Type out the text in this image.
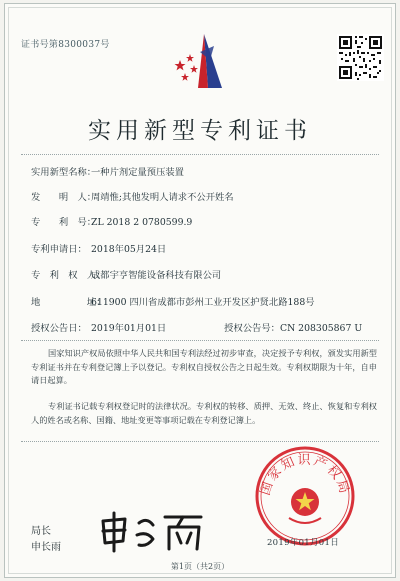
证书号第8300037号
实用新型专利证书
实用新型名称：一种片剂定量预压装置
发　　明　人：周靖惟;其他发明人请求不公开姓名
专　　利　号：ZL 2018 2 0780599.9
专利申请日： 2018年05月24日
专　利　权　人：成都宇亨智能设备科技有限公司
地　　　　　址：611900 四川省成都市彭州工业开发区护贤北路188号
授权公告日： 2019年01月01日	授权公告号：CN 208305867 U
国家知识产权局依照中华人民共和国专利法经过初步审查，决定授予专利权，颁发实用新型专利证书并在专利登记簿上予以登记。专利权自授权公告之日起生效。专利权期限为十年，自申请日起算。
专利证书记载专利权登记时的法律状况。专利权的转移、质押、无效、终止、恢复和专利权人的姓名或名称、国籍、地址变更等事项记载在专利登记簿上。
局长
申长雨
国家知识产权局
2019年01月01日
第1页（共2页）
